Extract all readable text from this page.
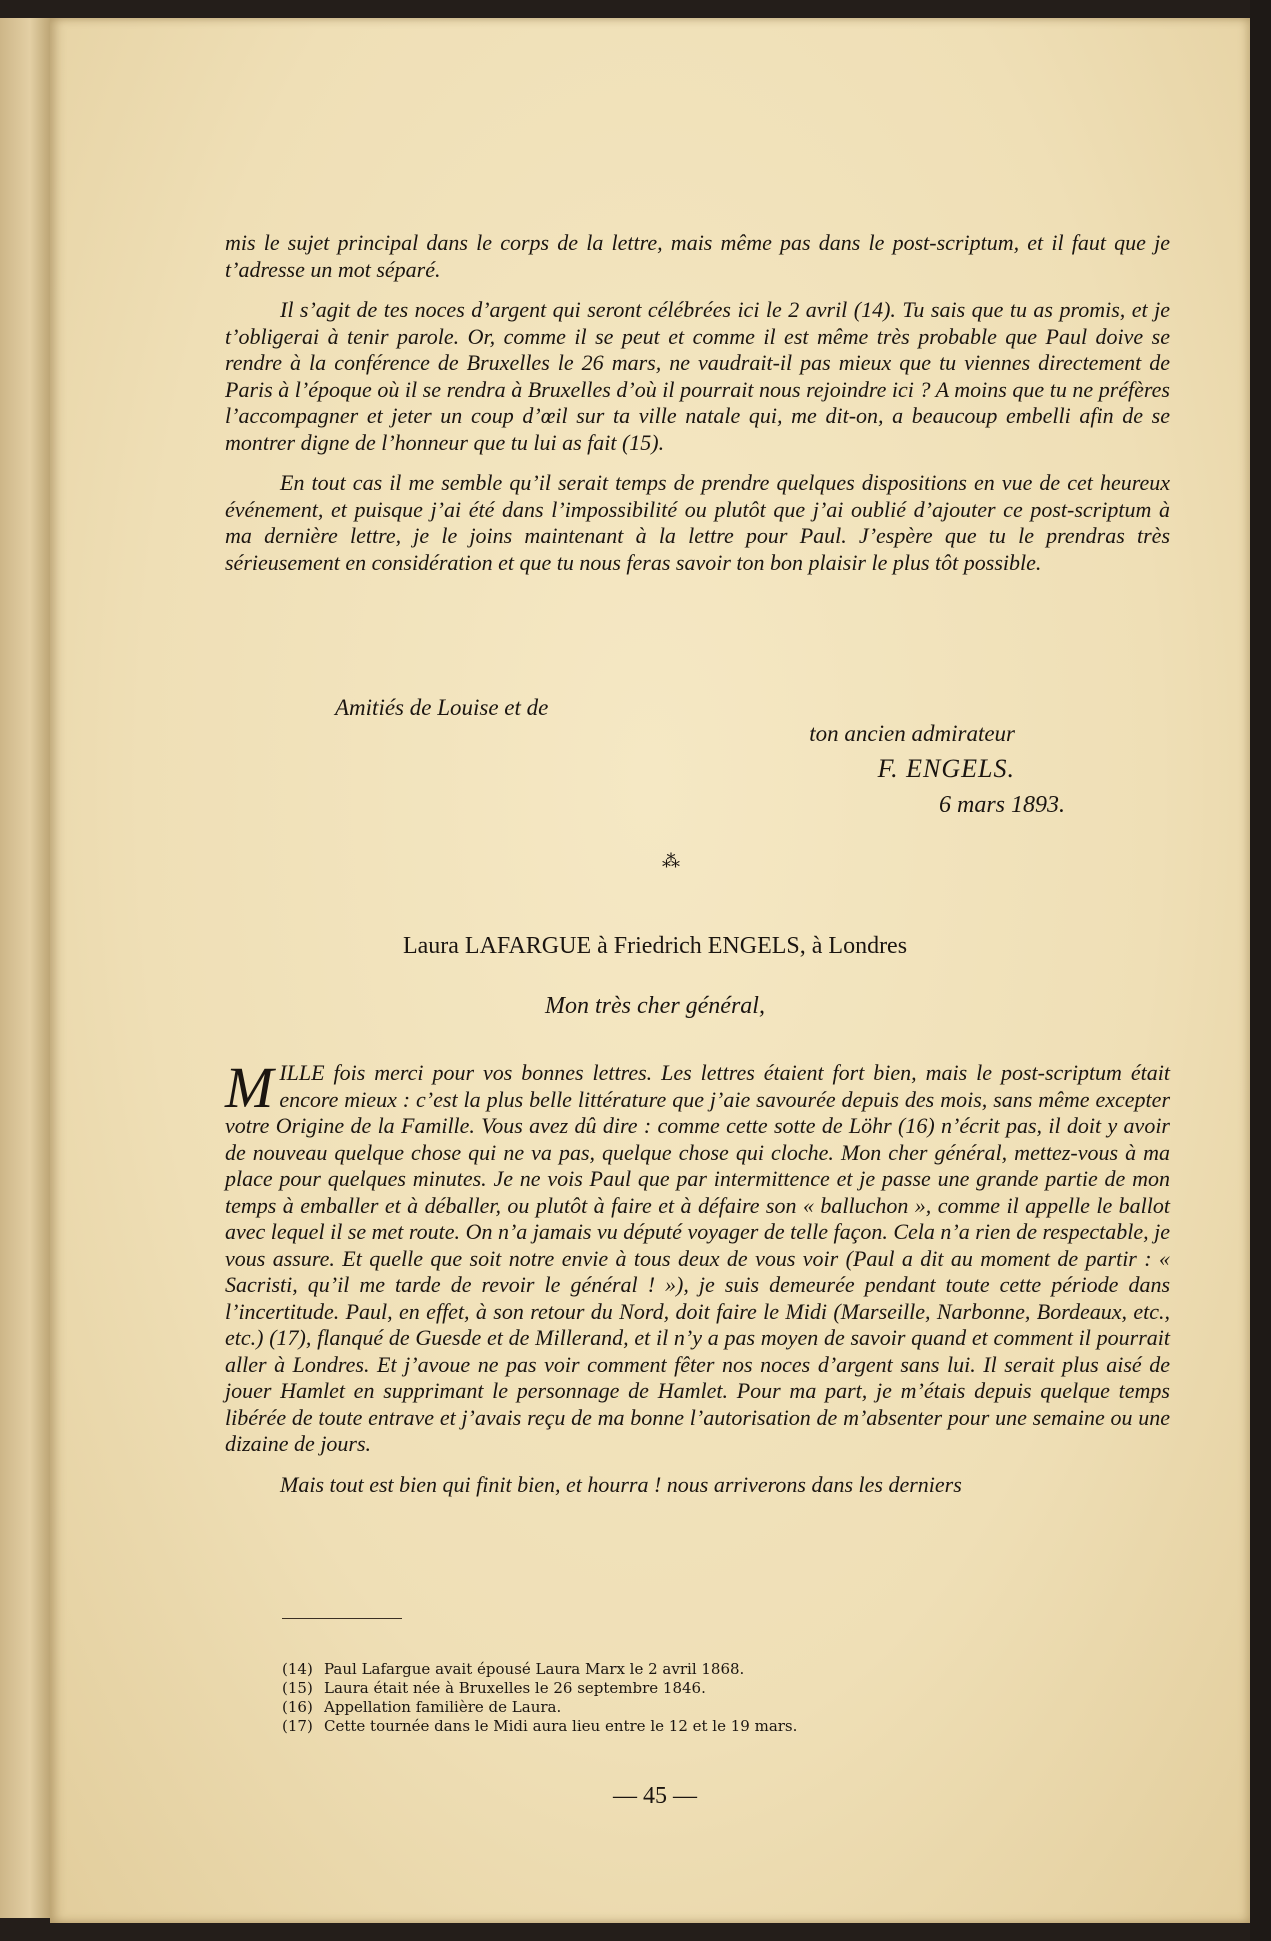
mis le sujet principal dans le corps de la lettre, mais même pas dans le post-scriptum, et il faut que je t’adresse un mot séparé.

Il s’agit de tes noces d’argent qui seront célébrées ici le 2 avril (14). Tu sais que tu as promis, et je t’obligerai à tenir parole. Or, comme il se peut et comme il est même très probable que Paul doive se rendre à la conférence de Bruxelles le 26 mars, ne vaudrait-il pas mieux que tu viennes directement de Paris à l’époque où il se rendra à Bruxelles d’où il pourrait nous rejoindre ici ? A moins que tu ne préfères l’accompagner et jeter un coup d’œil sur ta ville natale qui, me dit-on, a beaucoup embelli afin de se montrer digne de l’honneur que tu lui as fait (15).

En tout cas il me semble qu’il serait temps de prendre quelques dispositions en vue de cet heureux événement, et puisque j’ai été dans l’impossibilité ou plutôt que j’ai oublié d’ajouter ce post-scriptum à ma dernière lettre, je le joins maintenant à la lettre pour Paul. J’espère que tu le prendras très sérieusement en considération et que tu nous feras savoir ton bon plaisir le plus tôt possible.

Amitiés de Louise et de
ton ancien admirateur
F. ENGELS.
6 mars 1893.
⁂
Laura LAFARGUE à Friedrich ENGELS, à Londres
Mon très cher général,

MILLE fois merci pour vos bonnes lettres. Les lettres étaient fort bien, mais le post-scriptum était encore mieux : c’est la plus belle littérature que j’aie savourée depuis des mois, sans même excepter votre Origine de la Famille. Vous avez dû dire : comme cette sotte de Löhr (16) n’écrit pas, il doit y avoir de nouveau quelque chose qui ne va pas, quelque chose qui cloche. Mon cher général, mettez-vous à ma place pour quelques minutes. Je ne vois Paul que par intermittence et je passe une grande partie de mon temps à emballer et à déballer, ou plutôt à faire et à défaire son « balluchon », comme il appelle le ballot avec lequel il se met route. On n’a jamais vu député voyager de telle façon. Cela n’a rien de respectable, je vous assure. Et quelle que soit notre envie à tous deux de vous voir (Paul a dit au moment de partir : « Sacristi, qu’il me tarde de revoir le général ! »), je suis demeurée pendant toute cette période dans l’incertitude. Paul, en effet, à son retour du Nord, doit faire le Midi (Marseille, Narbonne, Bordeaux, etc., etc.) (17), flanqué de Guesde et de Millerand, et il n’y a pas moyen de savoir quand et comment il pourrait aller à Londres. Et j’avoue ne pas voir comment fêter nos noces d’argent sans lui. Il serait plus aisé de jouer Hamlet en supprimant le personnage de Hamlet. Pour ma part, je m’étais depuis quelque temps libérée de toute entrave et j’avais reçu de ma bonne l’autorisation de m’absenter pour une semaine ou une dizaine de jours.

Mais tout est bien qui finit bien, et hourra ! nous arriverons dans les derniers

(14) Paul Lafargue avait épousé Laura Marx le 2 avril 1868.
(15) Laura était née à Bruxelles le 26 septembre 1846.
(16) Appellation familière de Laura.
(17) Cette tournée dans le Midi aura lieu entre le 12 et le 19 mars.
— 45 —
